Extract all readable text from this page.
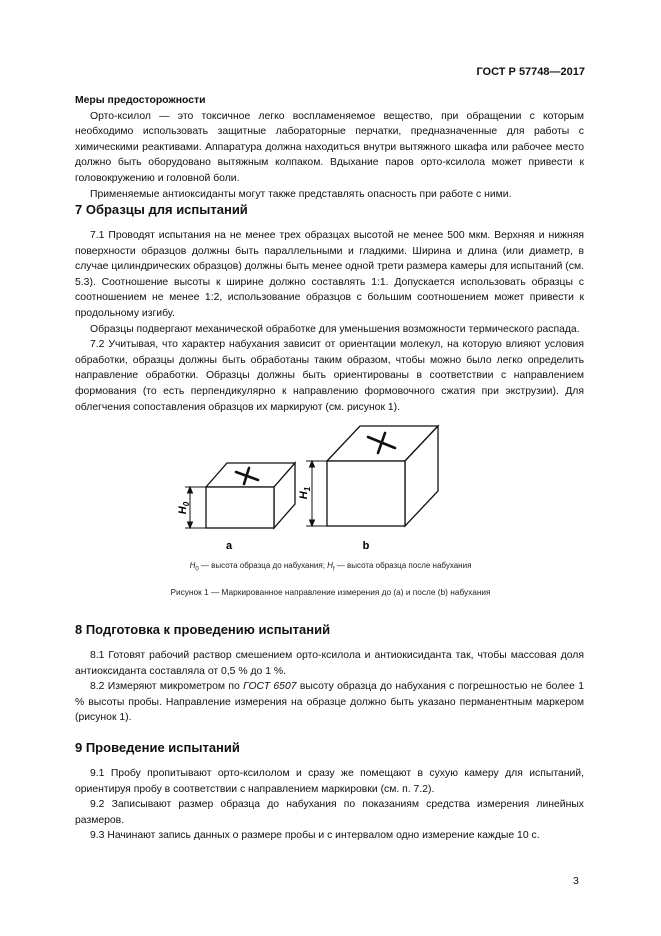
ГОСТ Р 57748—2017
Меры предосторожности
Орто-ксилол — это токсичное легко воспламеняемое вещество, при обращении с которым необходимо использовать защитные лабораторные перчатки, предназначенные для работы с химическими реактивами. Аппаратура должна находиться внутри вытяжного шкафа или рабочее место должно быть оборудовано вытяжным колпаком. Вдыхание паров орто-ксилола может привести к головокружению и головной боли.
Применяемые антиоксиданты могут также представлять опасность при работе с ними.
7 Образцы для испытаний
7.1 Проводят испытания на не менее трех образцах высотой не менее 500 мкм. Верхняя и нижняя поверхности образцов должны быть параллельными и гладкими. Ширина и длина (или диаметр, в случае цилиндрических образцов) должны быть менее одной трети размера камеры для испытаний (см. 5.3). Соотношение высоты к ширине должно составлять 1:1. Допускается использовать образцы с соотношением не менее 1:2, использование образцов с большим соотношением может привести к продольному изгибу.
Образцы подвергают механической обработке для уменьшения возможности термического распада.
7.2 Учитывая, что характер набухания зависит от ориентации молекул, на которую влияют условия обработки, образцы должны быть обработаны таким образом, чтобы можно было легко определить направление обработки. Образцы должны быть ориентированы в соответствии с направлением формования (то есть перпендикулярно к направлению формовочного сжатия при экструзии). Для облегчения сопоставления образцов их маркируют (см. рисунок 1).
$H_0$
$H_1$
a	b
$H_0$ — высота образца до набухания; $H_f$ — высота образца после набухания
Рисунок 1 — Маркированное направление измерения до (a) и после (b) набухания
8 Подготовка к проведению испытаний
8.1 Готовят рабочий раствор смешением орто-ксилола и антиокисиданта так, чтобы массовая доля антиоксиданта составляла от 0,5 % до 1 %.
8.2 Измеряют микрометром по ГОСТ 6507 высоту образца до набухания с погрешностью не более 1 % высоты пробы. Направление измерения на образце должно быть указано перманентным маркером (рисунок 1).
9 Проведение испытаний
9.1 Пробу пропитывают орто-ксилолом и сразу же помещают в сухую камеру для испытаний, ориентируя пробу в соответствии с направлением маркировки (см. п. 7.2).
9.2 Записывают размер образца до набухания по показаниям средства измерения линейных размеров.
9.3 Начинают запись данных о размере пробы и с интервалом одно измерение каждые 10 с.
3
